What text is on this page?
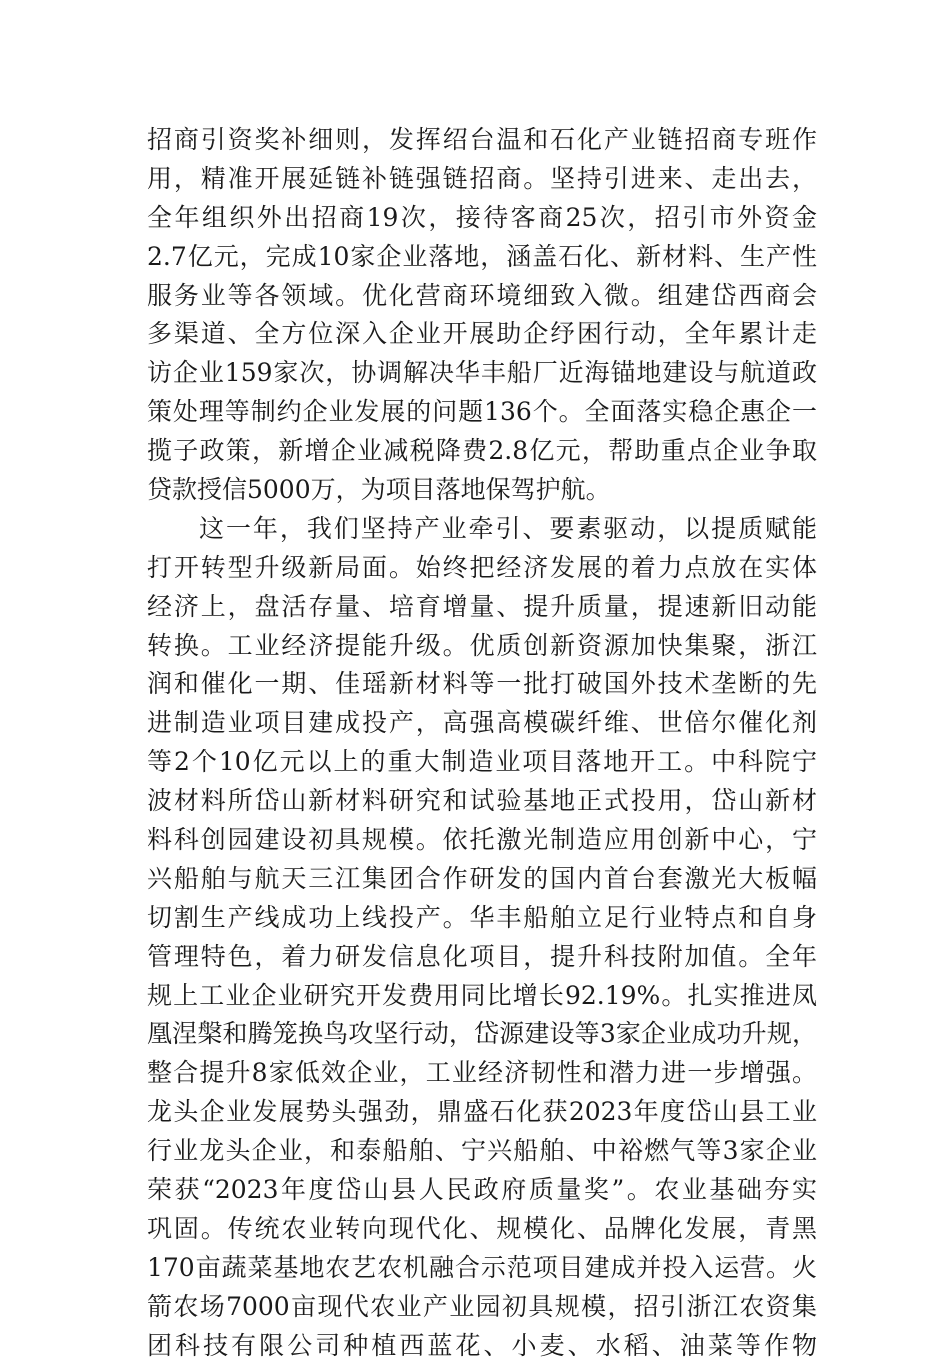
招商引资奖补细则，发挥绍台温和石化产业链招商专班作
用，精准开展延链补链强链招商。坚持引进来、走出去，
全年组织外出招商19次，接待客商25次，招引市外资金
2.7亿元，完成10家企业落地，涵盖石化、新材料、生产性
服务业等各领域。优化营商环境细致入微。组建岱西商会
多渠道、全方位深入企业开展助企纾困行动，全年累计走
访企业159家次，协调解决华丰船厂近海锚地建设与航道政
策处理等制约企业发展的问题136个。全面落实稳企惠企一
揽子政策，新增企业减税降费2.8亿元，帮助重点企业争取
贷款授信5000万，为项目落地保驾护航。
这一年，我们坚持产业牵引、要素驱动，以提质赋能
打开转型升级新局面。始终把经济发展的着力点放在实体
经济上，盘活存量、培育增量、提升质量，提速新旧动能
转换。工业经济提能升级。优质创新资源加快集聚，浙江
润和催化一期、佳瑶新材料等一批打破国外技术垄断的先
进制造业项目建成投产，高强高模碳纤维、世倍尔催化剂
等2个10亿元以上的重大制造业项目落地开工。中科院宁
波材料所岱山新材料研究和试验基地正式投用，岱山新材
料科创园建设初具规模。依托激光制造应用创新中心，宁
兴船舶与航天三江集团合作研发的国内首台套激光大板幅
切割生产线成功上线投产。华丰船舶立足行业特点和自身
管理特色，着力研发信息化项目，提升科技附加值。全年
规上工业企业研究开发费用同比增长92.19%。扎实推进凤
凰涅槃和腾笼换鸟攻坚行动，岱源建设等3家企业成功升规，
整合提升8家低效企业，工业经济韧性和潜力进一步增强。
龙头企业发展势头强劲，鼎盛石化获2023年度岱山县工业
行业龙头企业，和泰船舶、宁兴船舶、中裕燃气等3家企业
荣获“2023年度岱山县人民政府质量奖”。农业基础夯实
巩固。传统农业转向现代化、规模化、品牌化发展，青黑
170亩蔬菜基地农艺农机融合示范项目建成并投入运营。火
箭农场7000亩现代农业产业园初具规模，招引浙江农资集
团科技有限公司种植西蓝花、小麦、水稻、油菜等作物
